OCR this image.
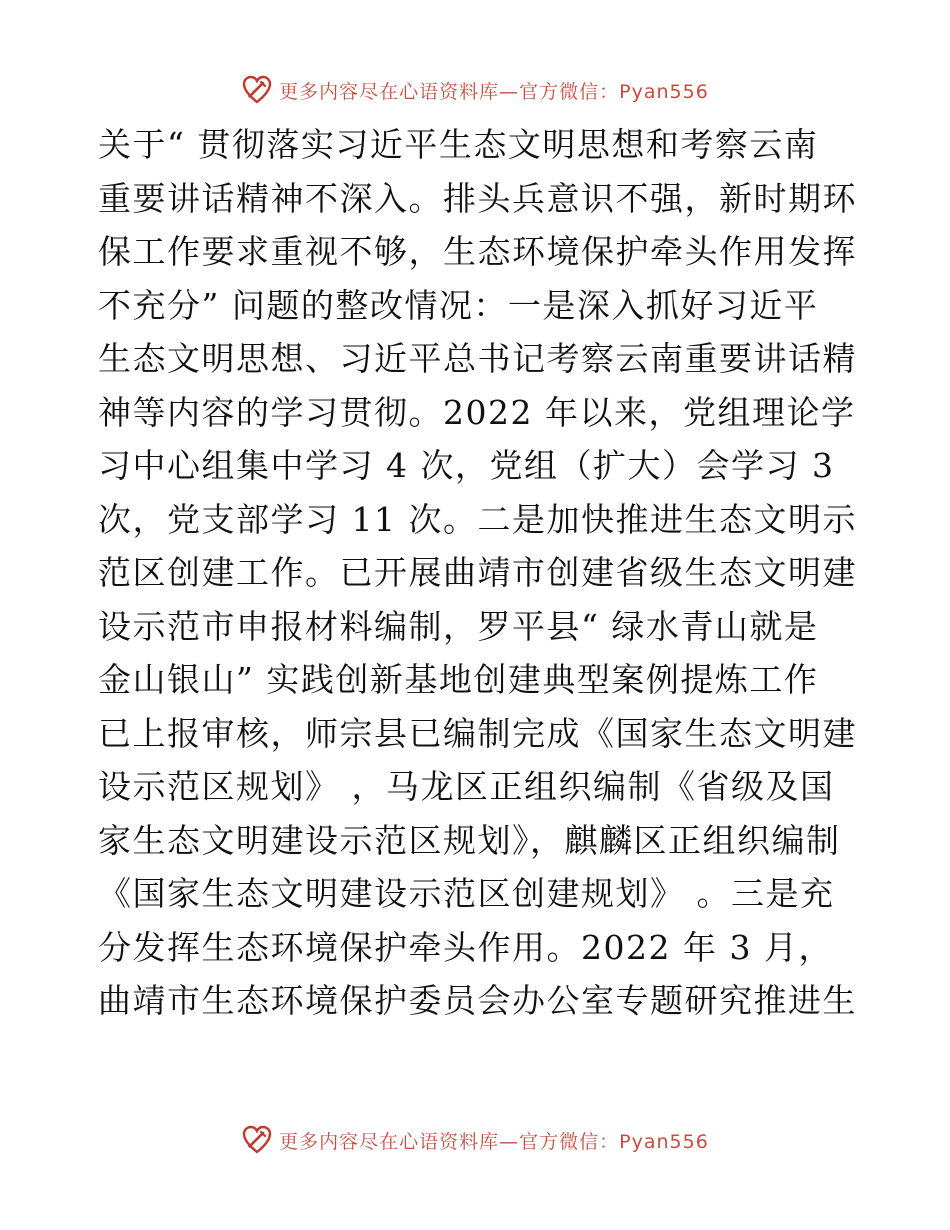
更多内容尽在心语资料库—官方微信：Pyan556
关于“ 贯彻落实习近平生态文明思想和考察云南
重要讲话精神不深入。排头兵意识不强，新时期环
保工作要求重视不够，生态环境保护牵头作用发挥
不充分” 问题的整改情况：一是深入抓好习近平
生态文明思想、习近平总书记考察云南重要讲话精
神等内容的学习贯彻。2022 年以来，党组理论学
习中心组集中学习 4 次，党组（扩大）会学习 3
次，党支部学习 11 次。二是加快推进生态文明示
范区创建工作。已开展曲靖市创建省级生态文明建
设示范市申报材料编制，罗平县“ 绿水青山就是
金山银山” 实践创新基地创建典型案例提炼工作
已上报审核，师宗县已编制完成《国家生态文明建
设示范区规划》 ，马龙区正组织编制《省级及国
家生态文明建设示范区规划》，麒麟区正组织编制
《国家生态文明建设示范区创建规划》 。三是充
分发挥生态环境保护牵头作用。2022 年 3 月，
曲靖市生态环境保护委员会办公室专题研究推进生
更多内容尽在心语资料库—官方微信：Pyan556
